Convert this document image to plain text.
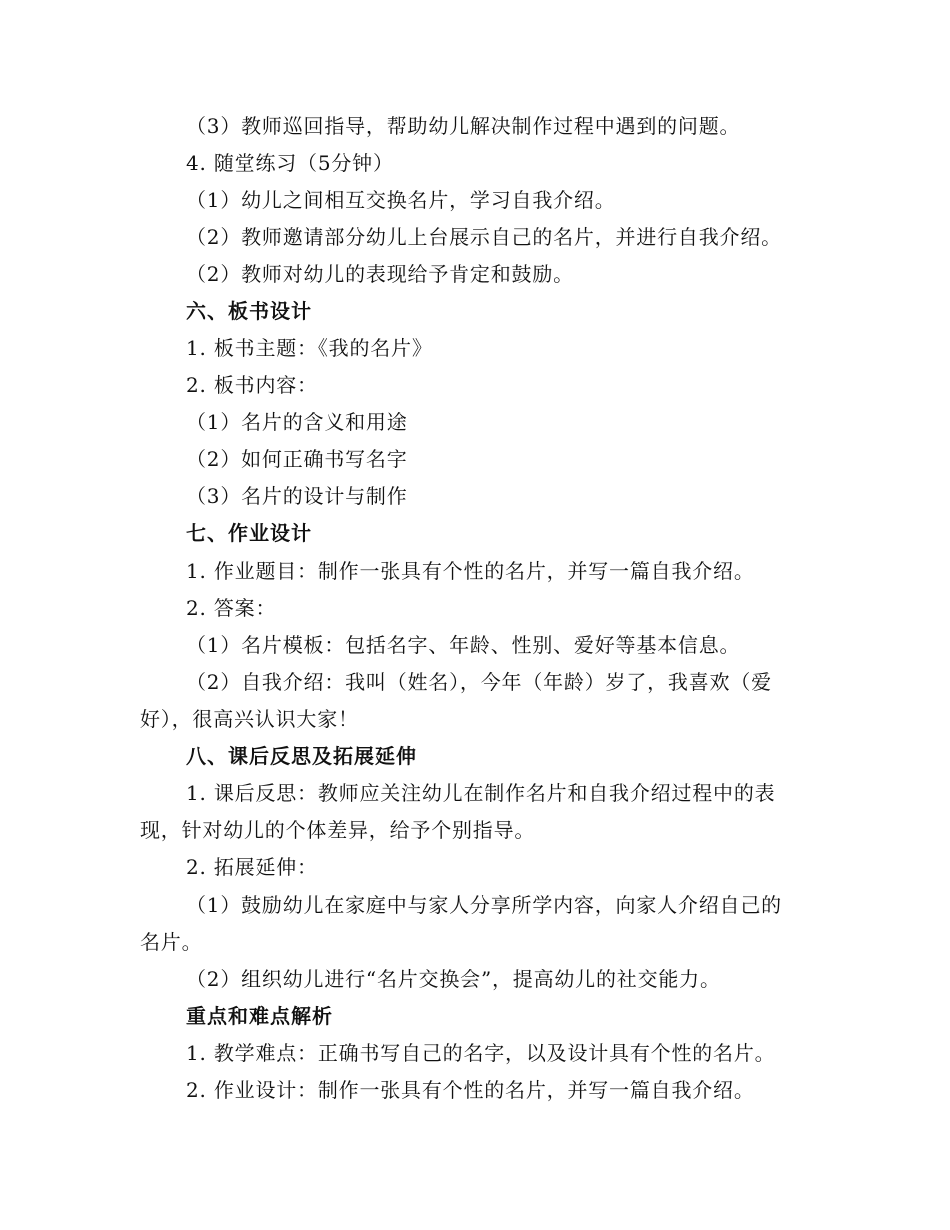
（3）教师巡回指导，帮助幼儿解决制作过程中遇到的问题。
4. 随堂练习（5分钟）
（1）幼儿之间相互交换名片，学习自我介绍。
（2）教师邀请部分幼儿上台展示自己的名片，并进行自我介绍。
（2）教师对幼儿的表现给予肯定和鼓励。
六、板书设计
1. 板书主题：《我的名片》
2. 板书内容：
（1）名片的含义和用途
（2）如何正确书写名字
（3）名片的设计与制作
七、作业设计
1. 作业题目：制作一张具有个性的名片，并写一篇自我介绍。
2. 答案：
（1）名片模板：包括名字、年龄、性别、爱好等基本信息。
（2）自我介绍：我叫（姓名），今年（年龄）岁了，我喜欢（爱
好），很高兴认识大家！
八、课后反思及拓展延伸
1. 课后反思：教师应关注幼儿在制作名片和自我介绍过程中的表
现，针对幼儿的个体差异，给予个别指导。
2. 拓展延伸：
（1）鼓励幼儿在家庭中与家人分享所学内容，向家人介绍自己的
名片。
（2）组织幼儿进行“名片交换会”，提高幼儿的社交能力。
重点和难点解析
1. 教学难点：正确书写自己的名字，以及设计具有个性的名片。
2. 作业设计：制作一张具有个性的名片，并写一篇自我介绍。
